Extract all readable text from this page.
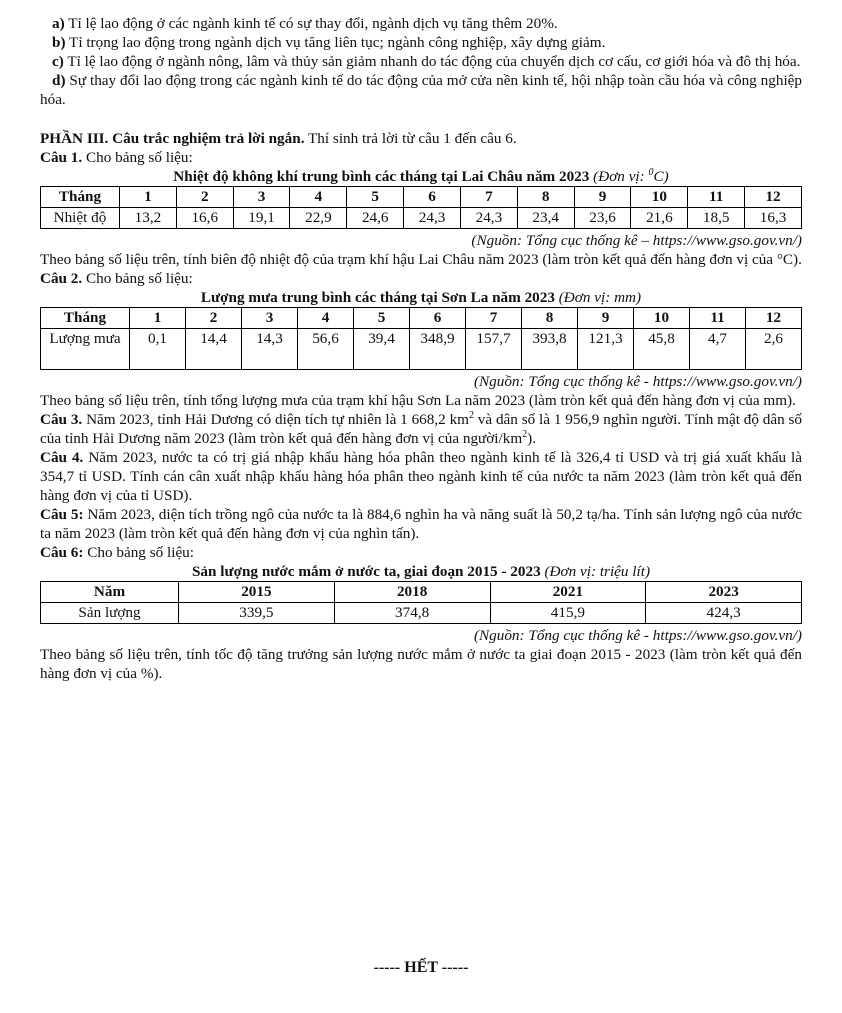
a) Tỉ lệ lao động ở các ngành kinh tế có sự thay đổi, ngành dịch vụ tăng thêm 20%.

b) Tỉ trọng lao động trong ngành dịch vụ tăng liên tục; ngành công nghiệp, xây dựng giảm.

c) Tỉ lệ lao động ở ngành nông, lâm và thủy sản giảm nhanh do tác động của chuyển dịch cơ cấu, cơ giới hóa và đô thị hóa.

d) Sự thay đổi lao động trong các ngành kinh tế do tác động của mở cửa nền kinh tế, hội nhập toàn cầu hóa và công nghiệp hóa.

PHẦN III. Câu trắc nghiệm trả lời ngắn. Thí sinh trả lời từ câu 1 đến câu 6.

Câu 1. Cho bảng số liệu:

Nhiệt độ không khí trung bình các tháng tại Lai Châu năm 2023 (Đơn vị: $^0$C)

Tháng	1	2	3	4	5	6	7	8	9	10	11	12
Nhiệt độ	13,2	16,6	19,1	22,9	24,6	24,3	24,3	23,4	23,6	21,6	18,5	16,3

(Nguồn: Tổng cục thống kê – https://www.gso.gov.vn/)

Theo bảng số liệu trên, tính biên độ nhiệt độ của trạm khí hậu Lai Châu năm 2023 (làm tròn kết quả đến hàng đơn vị của °C).

Câu 2. Cho bảng số liệu:

Lượng mưa trung bình các tháng tại Sơn La năm 2023 (Đơn vị: mm)

Tháng	1	2	3	4	5	6	7	8	9	10	11	12
Lượng mưa	0,1	14,4	14,3	56,6	39,4	348,9	157,7	393,8	121,3	45,8	4,7	2,6

(Nguồn: Tổng cục thống kê - https://www.gso.gov.vn/)

Theo bảng số liệu trên, tính tổng lượng mưa của trạm khí hậu Sơn La năm 2023 (làm tròn kết quả đến hàng đơn vị của mm).

Câu 3. Năm 2023, tỉnh Hải Dương có diện tích tự nhiên là 1 668,2 $km^2$ và dân số là 1 956,9 nghìn người. Tính mật độ dân số của tỉnh Hải Dương năm 2023 (làm tròn kết quả đến hàng đơn vị của người/$km^2$).

Câu 4. Năm 2023, nước ta có trị giá nhập khẩu hàng hóa phân theo ngành kinh tế là 326,4 tỉ USD và trị giá xuất khẩu là 354,7 tỉ USD. Tính cán cân xuất nhập khẩu hàng hóa phân theo ngành kinh tế của nước ta năm 2023 (làm tròn kết quả đến hàng đơn vị của tỉ USD).

Câu 5: Năm 2023, diện tích trồng ngô của nước ta là 884,6 nghìn ha và năng suất là 50,2 tạ/ha. Tính sản lượng ngô của nước ta năm 2023 (làm tròn kết quả đến hàng đơn vị của nghìn tấn).

Câu 6: Cho bảng số liệu:

Sản lượng nước mắm ở nước ta, giai đoạn 2015 - 2023 (Đơn vị: triệu lít)

Năm	2015	2018	2021	2023
Sản lượng	339,5	374,8	415,9	424,3

(Nguồn: Tổng cục thống kê - https://www.gso.gov.vn/)

Theo bảng số liệu trên, tính tốc độ tăng trưởng sản lượng nước mắm ở nước ta giai đoạn 2015 - 2023 (làm tròn kết quả đến hàng đơn vị của %).

----- HẾT -----
